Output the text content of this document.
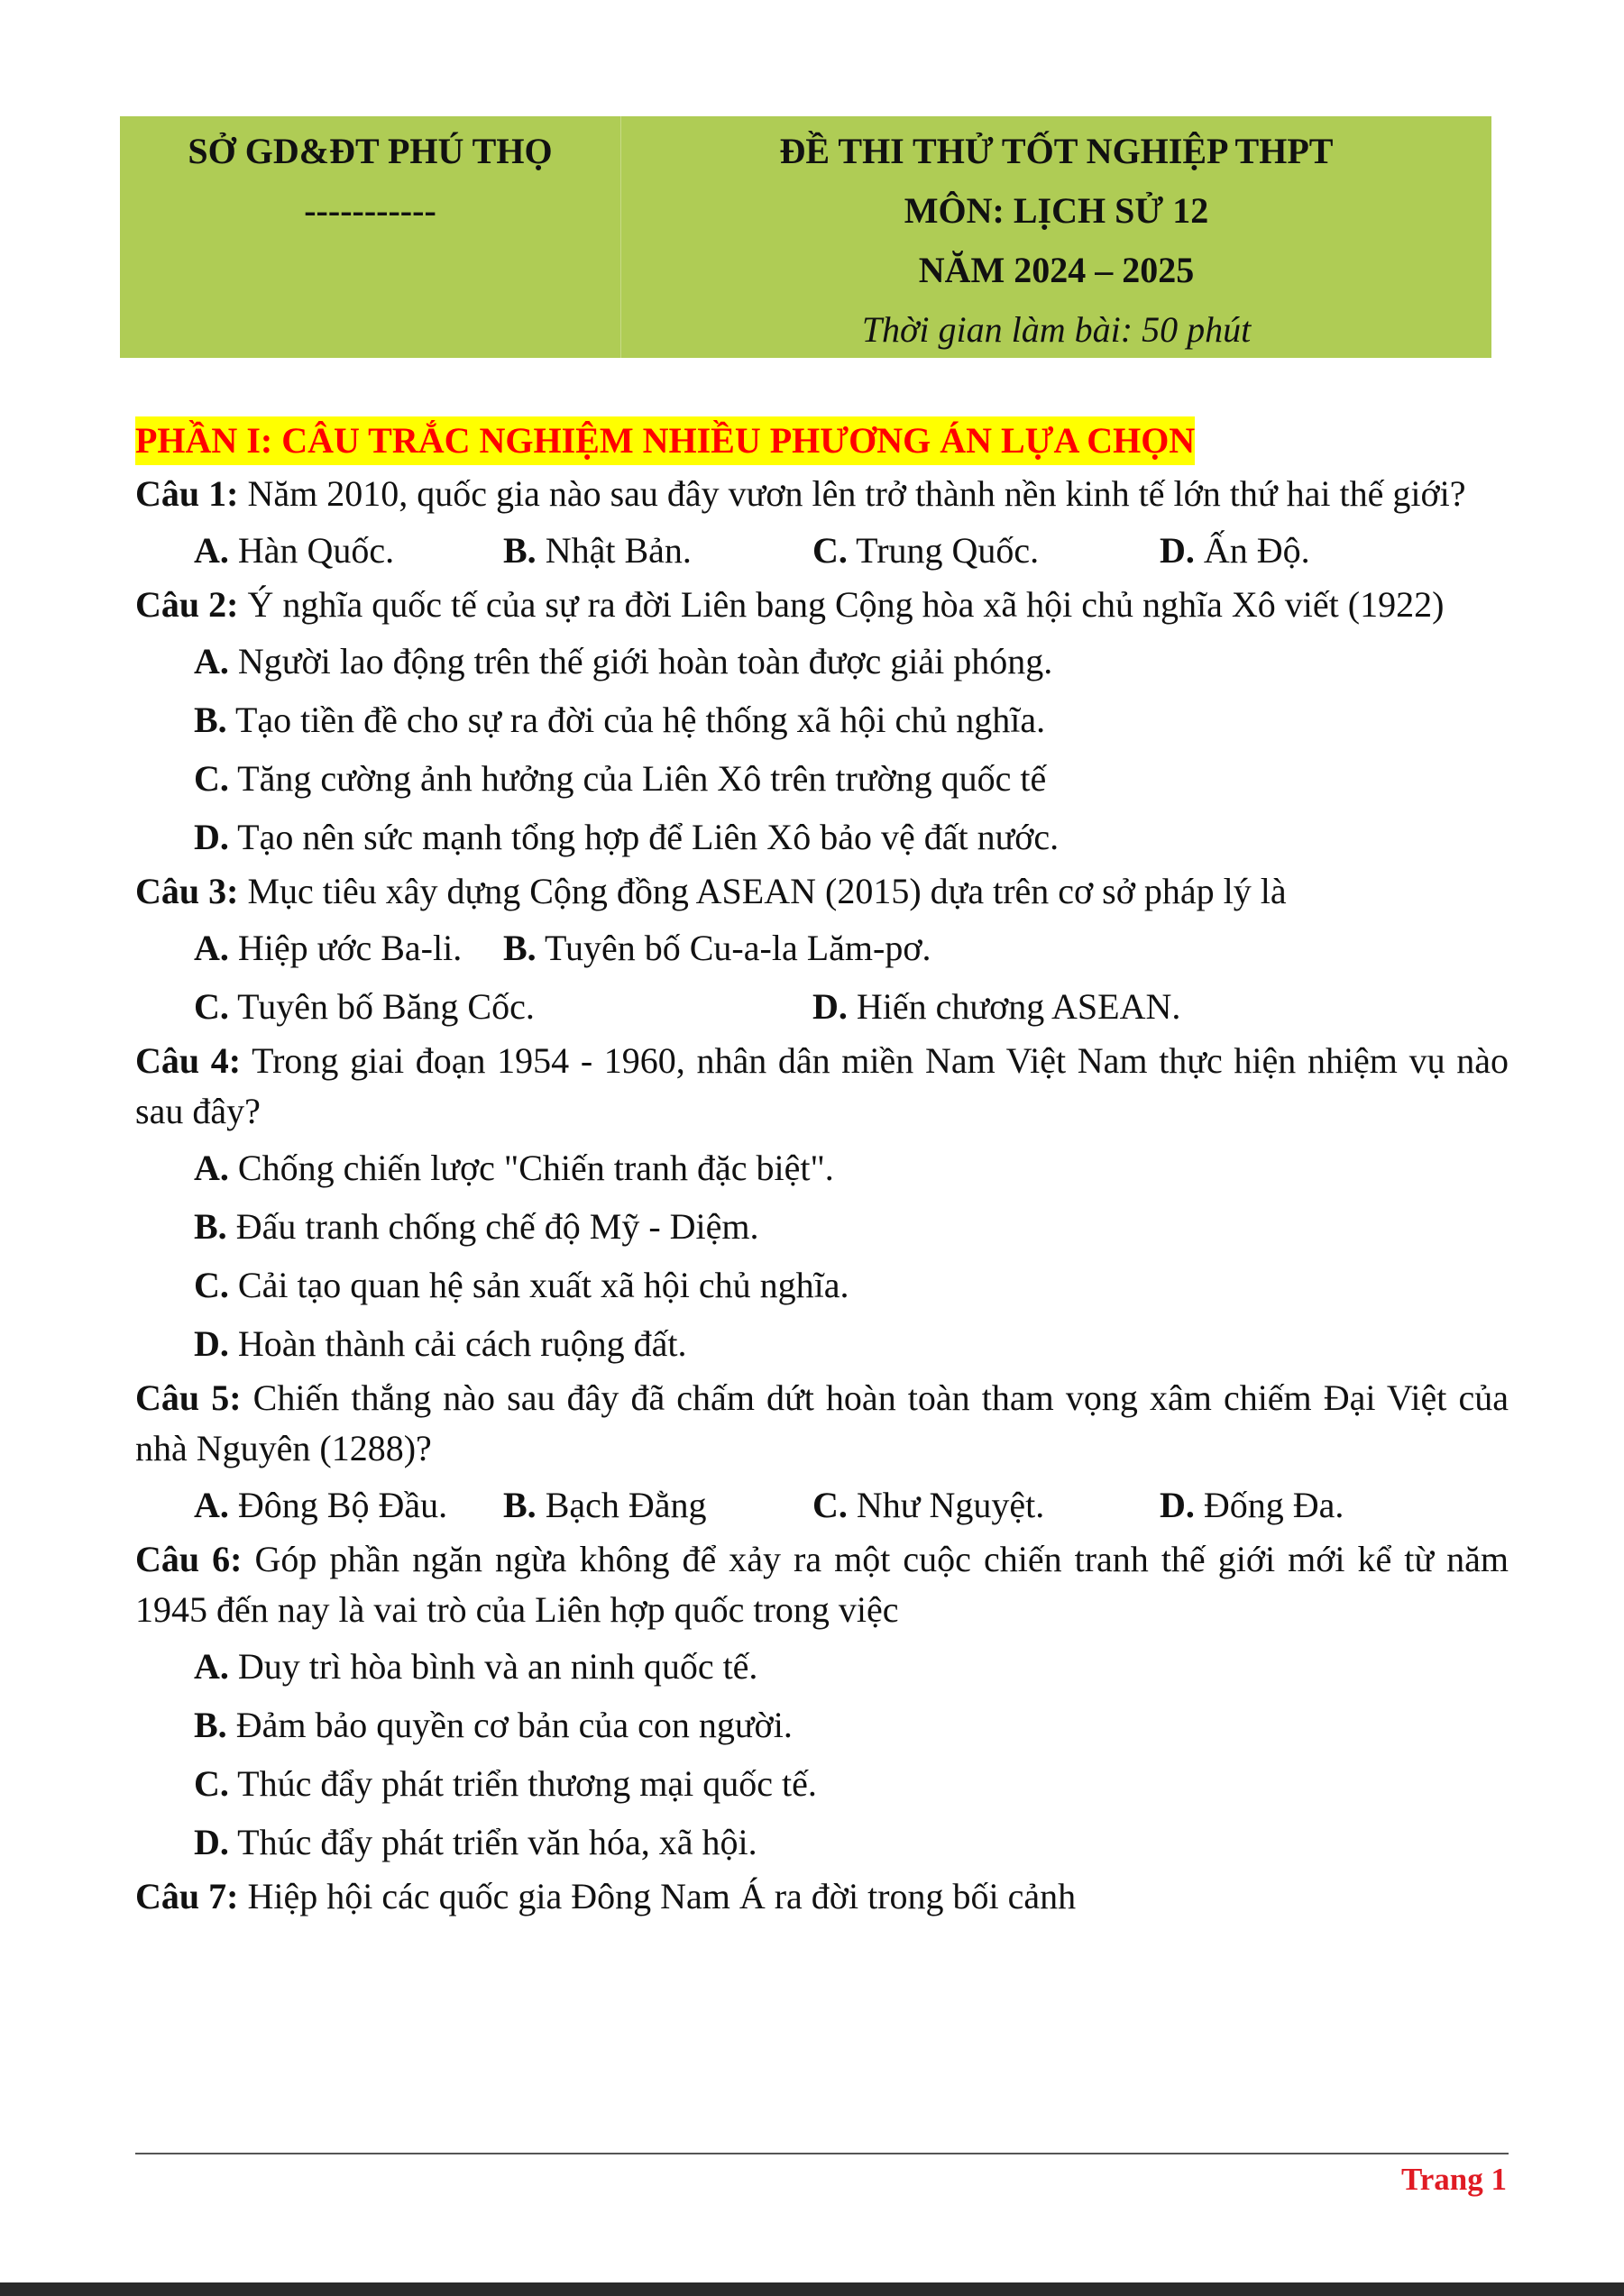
SỞ GD&ĐT PHÚ THỌ
-----------
ĐỀ THI THỬ TỐT NGHIỆP THPT
MÔN: LỊCH SỬ 12
NĂM 2024 – 2025
Thời gian làm bài: 50 phút
PHẦN I: CÂU TRẮC NGHIỆM NHIỀU PHƯƠNG ÁN LỰA CHỌN

Câu 1: Năm 2010, quốc gia nào sau đây vươn lên trở thành nền kinh tế lớn thứ hai thế giới?

A. Hàn Quốc.	B. Nhật Bản.	C. Trung Quốc.	D. Ấn Độ.

Câu 2: Ý nghĩa quốc tế của sự ra đời Liên bang Cộng hòa xã hội chủ nghĩa Xô viết (1922)

A. Người lao động trên thế giới hoàn toàn được giải phóng.
B. Tạo tiền đề cho sự ra đời của hệ thống xã hội chủ nghĩa.
C. Tăng cường ảnh hưởng của Liên Xô trên trường quốc tế
D. Tạo nên sức mạnh tổng hợp để Liên Xô bảo vệ đất nước.

Câu 3: Mục tiêu xây dựng Cộng đồng ASEAN (2015) dựa trên cơ sở pháp lý là

A. Hiệp ước Ba-li. B. Tuyên bố Cu-a-la Lăm-pơ.
C. Tuyên bố Băng Cốc.	D. Hiến chương ASEAN.

Câu 4: Trong giai đoạn 1954 - 1960, nhân dân miền Nam Việt Nam thực hiện nhiệm vụ nào sau đây?

A. Chống chiến lược "Chiến tranh đặc biệt".
B. Đấu tranh chống chế độ Mỹ - Diệm.
C. Cải tạo quan hệ sản xuất xã hội chủ nghĩa.
D. Hoàn thành cải cách ruộng đất.

Câu 5: Chiến thắng nào sau đây đã chấm dứt hoàn toàn tham vọng xâm chiếm Đại Việt của nhà Nguyên (1288)?

A. Đông Bộ Đầu. B. Bạch Đằng	C. Như Nguyệt.	D. Đống Đa.

Câu 6: Góp phần ngăn ngừa không để xảy ra một cuộc chiến tranh thế giới mới kể từ năm 1945 đến nay là vai trò của Liên hợp quốc trong việc

A. Duy trì hòa bình và an ninh quốc tế.
B. Đảm bảo quyền cơ bản của con người.
C. Thúc đẩy phát triển thương mại quốc tế.
D. Thúc đẩy phát triển văn hóa, xã hội.

Câu 7: Hiệp hội các quốc gia Đông Nam Á ra đời trong bối cảnh

Trang 1
